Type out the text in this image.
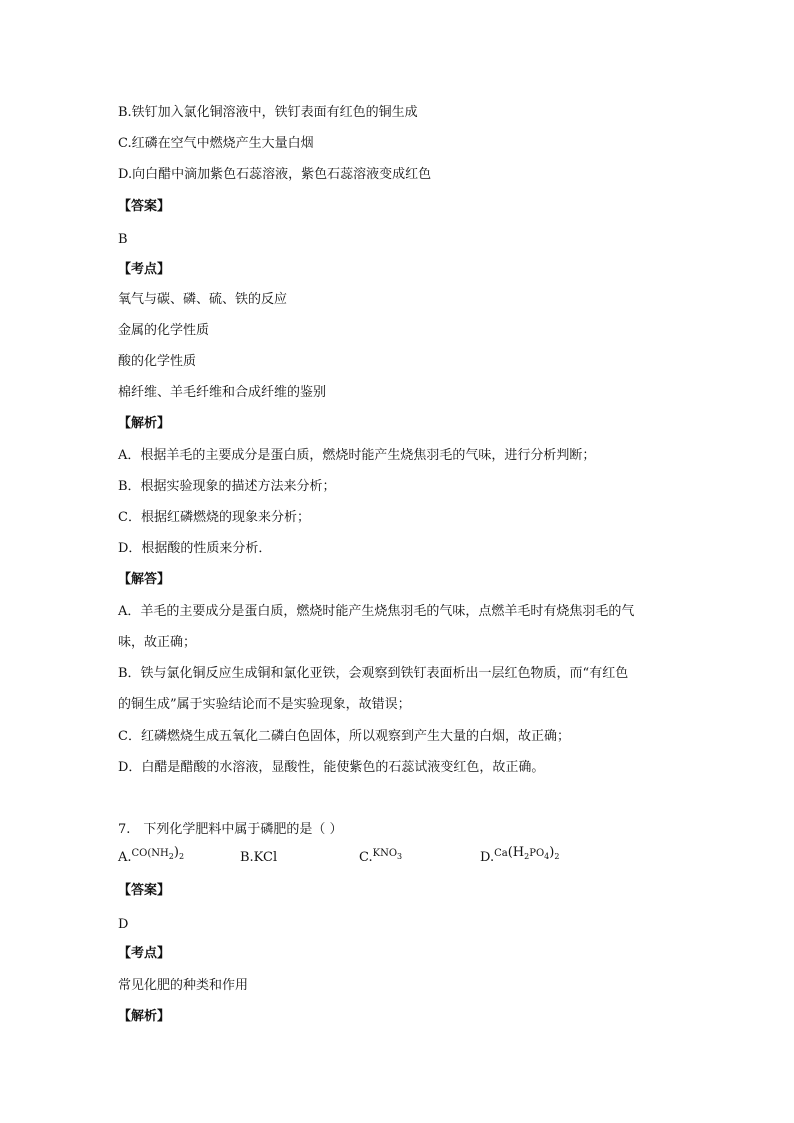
B.铁钉加入氯化铜溶液中，铁钉表面有红色的铜生成
C.红磷在空气中燃烧产生大量白烟
D.向白醋中滴加紫色石蕊溶液，紫色石蕊溶液变成红色
【答案】
B
【考点】
氧气与碳、磷、硫、铁的反应
金属的化学性质
酸的化学性质
棉纤维、羊毛纤维和合成纤维的鉴别
【解析】
A．根据羊毛的主要成分是蛋白质，燃烧时能产生烧焦羽毛的气味，进行分析判断；
B．根据实验现象的描述方法来分析；
C．根据红磷燃烧的现象来分析；
D．根据酸的性质来分析．
【解答】
A．羊毛的主要成分是蛋白质，燃烧时能产生烧焦羽毛的气味，点燃羊毛时有烧焦羽毛的气
味，故正确；
B．铁与氯化铜反应生成铜和氯化亚铁，会观察到铁钉表面析出一层红色物质，而“有红色
的铜生成”属于实验结论而不是实验现象，故错误；
C．红磷燃烧生成五氧化二磷白色固体，所以观察到产生大量的白烟，故正确；
D．白醋是醋酸的水溶液，显酸性，能使紫色的石蕊试液变红色，故正确。
7.　下列化学肥料中属于磷肥的是（ ）
A.$^{CO(NH_2)_2}$	B.KCl	C.$^{KNO_3}$	D.$^{Ca(H_2PO_4)_2}$
【答案】
D
【考点】
常见化肥的种类和作用
【解析】
